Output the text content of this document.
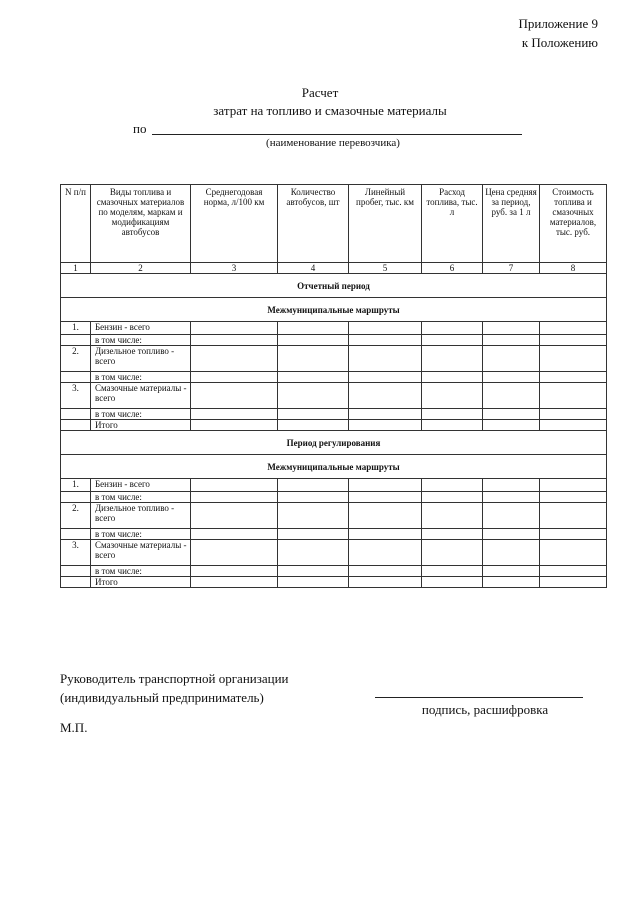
Приложение 9
к Положению
Расчет
затрат на топливо и смазочные материалы
по
(наименование перевозчика)
N п/п	Виды топлива и смазочных материалов по моделям, маркам и модификациям автобусов	Среднегодовая норма, л/100 км	Количество автобусов, шт	Линейный пробег, тыс. км	Расход топлива, тыс. л	Цена средняя за период, руб. за 1 л	Стоимость топлива и смазочных материалов, тыс. руб.
1	2	3	4	5	6	7	8
Отчетный период							
Межмуниципальные маршруты							
1.	Бензин - всего						
	в том числе:						
2.	Дизельное топливо - всего						
	в том числе:						
3.	Смазочные материалы - всего						
	в том числе:						
	Итого						
Период регулирования							
Межмуниципальные маршруты							
1.	Бензин - всего						
	в том числе:						
2.	Дизельное топливо - всего						
	в том числе:						
3.	Смазочные материалы - всего						
	в том числе:						
	Итого						
Руководитель транспортной организации
(индивидуальный предприниматель)
подпись, расшифровка
М.П.
